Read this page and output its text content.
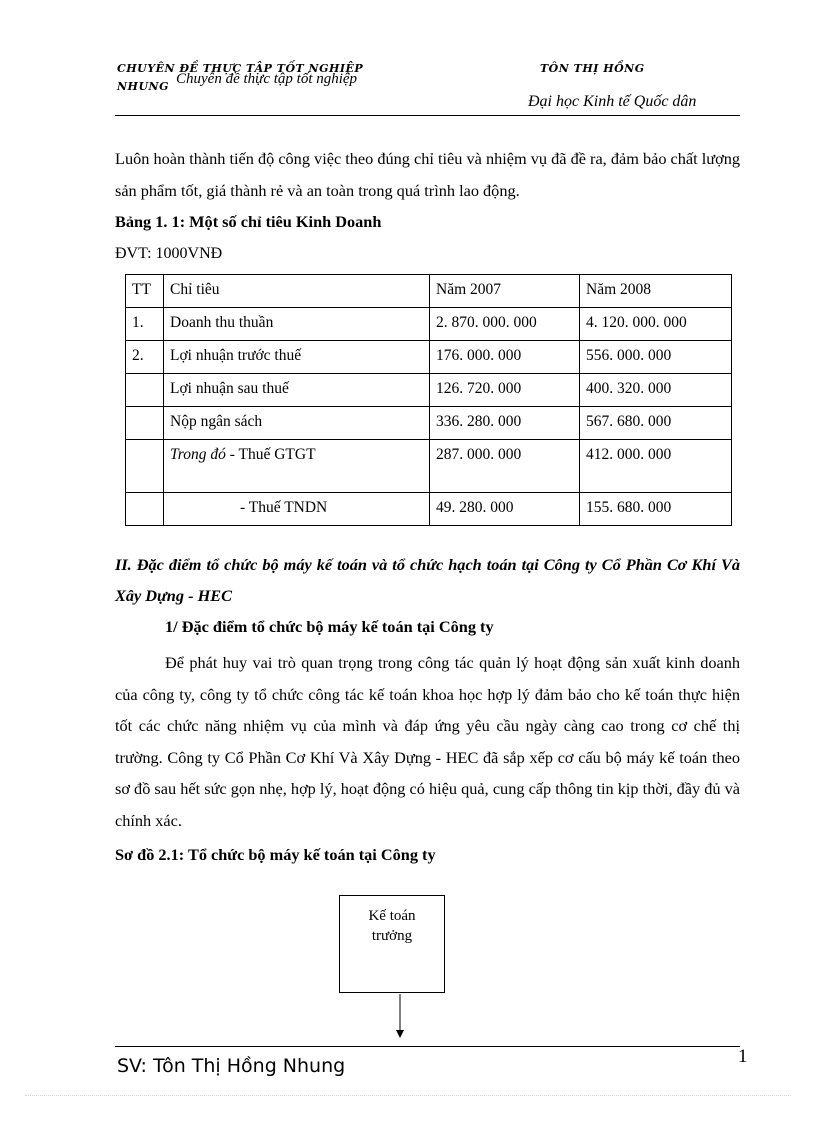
CHUYÊN ĐỀ THỰC TẬP TỐT NGHIỆP
NHUNG Chuyên đề thực tập tốt nghiệp
TÔN THỊ HỒNG
Đại học Kinh tế Quốc dân
Luôn hoàn thành tiến độ công việc theo đúng chỉ tiêu và nhiệm vụ đã đề ra, đảm bảo chất lượng sản phẩm tốt, giá thành rẻ và an toàn trong quá trình lao động.
Bảng 1. 1: Một số chỉ tiêu Kinh Doanh
ĐVT: 1000VNĐ
TT	Chỉ tiêu	Năm 2007	Năm 2008
1.	Doanh thu thuần	2. 870. 000. 000	4. 120. 000. 000
2.	Lợi nhuận trước thuế	176. 000. 000	556. 000. 000
	Lợi nhuận sau thuế	126. 720. 000	400. 320. 000
	Nộp ngân sách	336. 280. 000	567. 680. 000
	Trong đó - Thuế GTGT	287. 000. 000	412. 000. 000
	- Thuế TNDN	49. 280. 000	155. 680. 000
II. Đặc điểm tổ chức bộ máy kế toán và tổ chức hạch toán tại Công ty Cổ Phần Cơ Khí Và Xây Dựng - HEC
1/ Đặc điểm tổ chức bộ máy kế toán tại Công ty
Để phát huy vai trò quan trọng trong công tác quản lý hoạt động sản xuất kinh doanh của công ty, công ty tổ chức công tác kế toán khoa học hợp lý đảm bảo cho kế toán thực hiện tốt các chức năng nhiệm vụ của mình và đáp ứng yêu cầu ngày càng cao trong cơ chế thị trường. Công ty Cổ Phần Cơ Khí Và Xây Dựng - HEC đã sắp xếp cơ cấu bộ máy kế toán theo sơ đồ sau hết sức gọn nhẹ, hợp lý, hoạt động có hiệu quả, cung cấp thông tin kịp thời, đầy đủ và chính xác.
Sơ đồ 2.1: Tổ chức bộ máy kế toán tại Công ty
Kế toán trưởng
SV: Tôn Thị Hồng Nhung	1
